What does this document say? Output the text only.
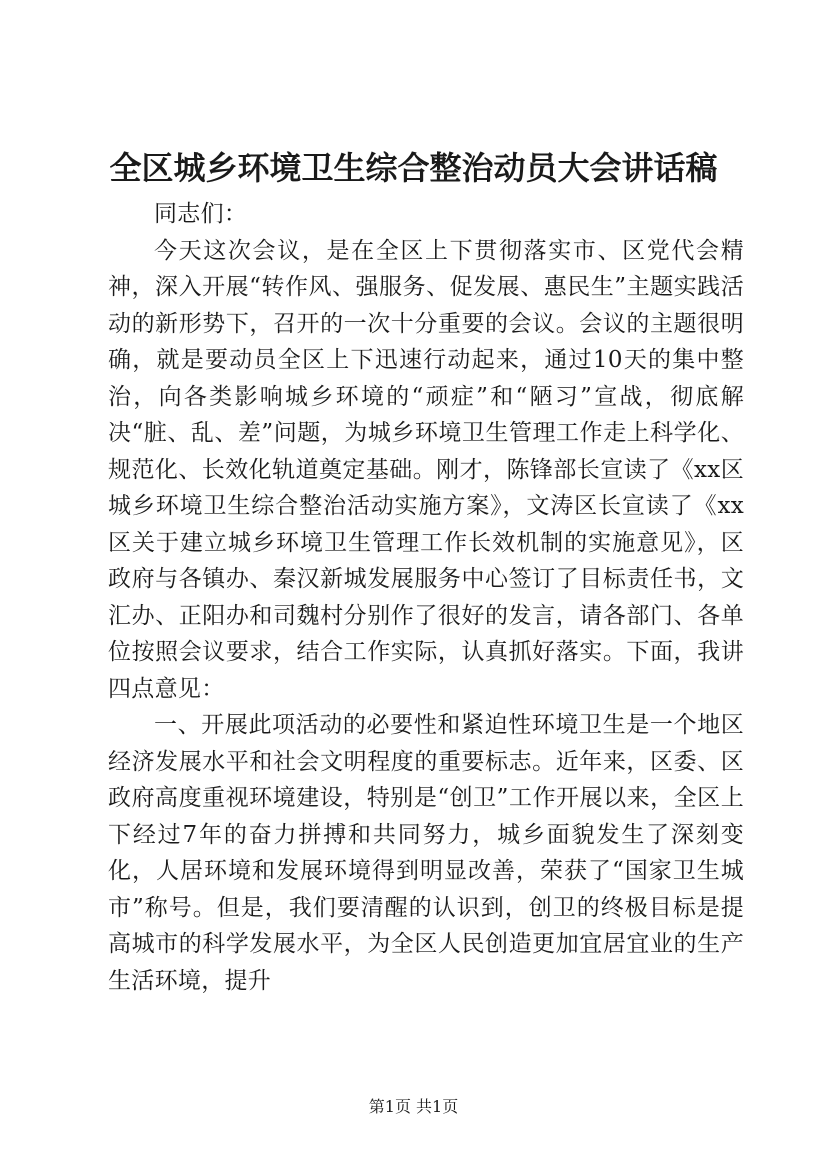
全区城乡环境卫生综合整治动员大会讲话稿

同志们：

今天这次会议，是在全区上下贯彻落实市、区党代会精神，深入开展“转作风、强服务、促发展、惠民生”主题实践活动的新形势下，召开的一次十分重要的会议。会议的主题很明确，就是要动员全区上下迅速行动起来，通过10天的集中整治，向各类影响城乡环境的“顽症”和“陋习”宣战，彻底解决“脏、乱、差”问题，为城乡环境卫生管理工作走上科学化、规范化、长效化轨道奠定基础。刚才，陈锋部长宣读了《xx区城乡环境卫生综合整治活动实施方案》，文涛区长宣读了《xx区关于建立城乡环境卫生管理工作长效机制的实施意见》，区政府与各镇办、秦汉新城发展服务中心签订了目标责任书，文汇办、正阳办和司魏村分别作了很好的发言，请各部门、各单位按照会议要求，结合工作实际，认真抓好落实。下面，我讲四点意见：

一、开展此项活动的必要性和紧迫性环境卫生是一个地区经济发展水平和社会文明程度的重要标志。近年来，区委、区政府高度重视环境建设，特别是“创卫”工作开展以来，全区上下经过7年的奋力拼搏和共同努力，城乡面貌发生了深刻变化，人居环境和发展环境得到明显改善，荣获了“国家卫生城市”称号。但是，我们要清醒的认识到，创卫的终极目标是提高城市的科学发展水平，为全区人民创造更加宜居宜业的生产生活环境，提升

第1页 共1页
